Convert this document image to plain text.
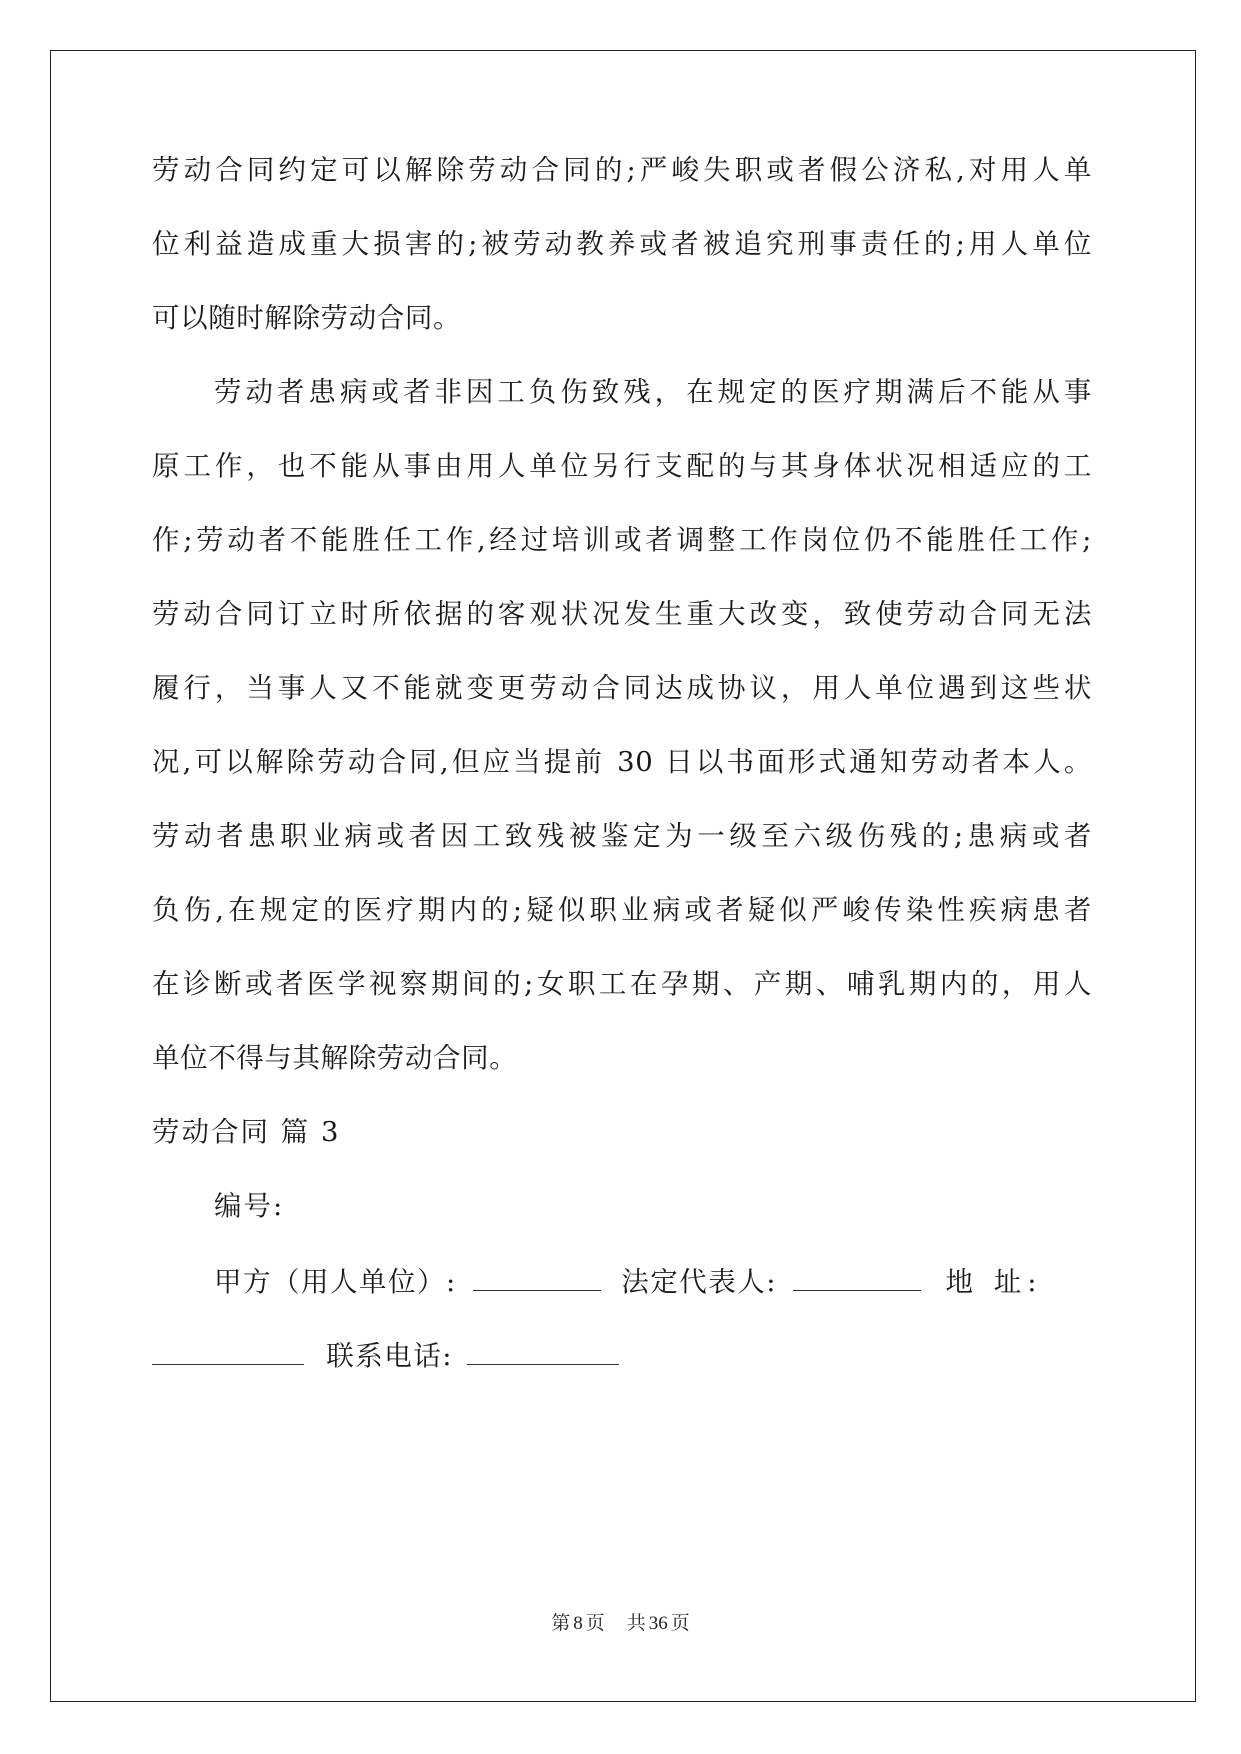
劳动合同约定可以解除劳动合同的;严峻失职或者假公济私,对用人单
位利益造成重大损害的;被劳动教养或者被追究刑事责任的;用人单位
可以随时解除劳动合同。
劳动者患病或者非因工负伤致残，在规定的医疗期满后不能从事
原工作，也不能从事由用人单位另行支配的与其身体状况相适应的工
作;劳动者不能胜任工作,经过培训或者调整工作岗位仍不能胜任工作;
劳动合同订立时所依据的客观状况发生重大改变，致使劳动合同无法
履行，当事人又不能就变更劳动合同达成协议，用人单位遇到这些状
况,可以解除劳动合同,但应当提前 30 日以书面形式通知劳动者本人。
劳动者患职业病或者因工致残被鉴定为一级至六级伤残的;患病或者
负伤,在规定的医疗期内的;疑似职业病或者疑似严峻传染性疾病患者
在诊断或者医学视察期间的;女职工在孕期、产期、哺乳期内的，用人
单位不得与其解除劳动合同。
劳动合同 篇 3
编号:
甲方（用人单位）:	法定代表人:	地 址:
联系电话:
第 8 页 共 36 页
